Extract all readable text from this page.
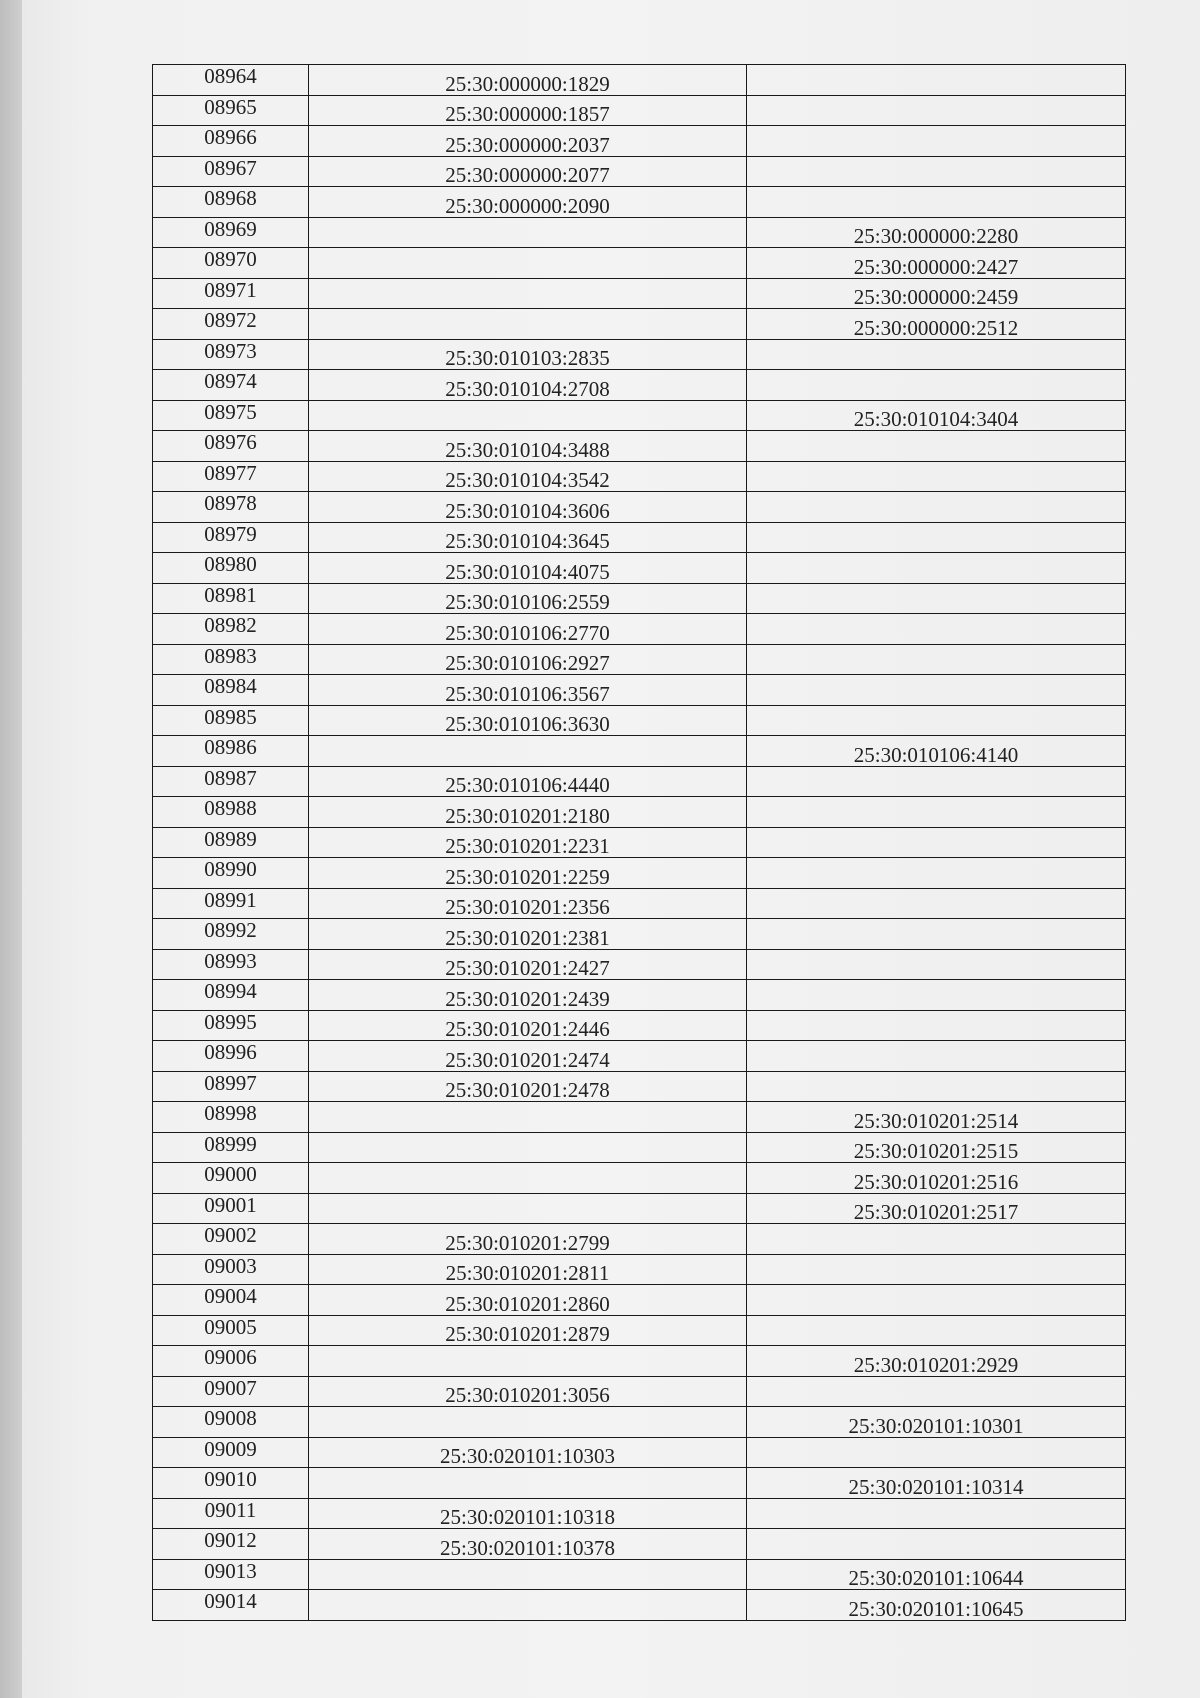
08964	25:30:000000:1829	
08965	25:30:000000:1857	
08966	25:30:000000:2037	
08967	25:30:000000:2077	
08968	25:30:000000:2090	
08969		25:30:000000:2280
08970		25:30:000000:2427
08971		25:30:000000:2459
08972		25:30:000000:2512
08973	25:30:010103:2835	
08974	25:30:010104:2708	
08975		25:30:010104:3404
08976	25:30:010104:3488	
08977	25:30:010104:3542	
08978	25:30:010104:3606	
08979	25:30:010104:3645	
08980	25:30:010104:4075	
08981	25:30:010106:2559	
08982	25:30:010106:2770	
08983	25:30:010106:2927	
08984	25:30:010106:3567	
08985	25:30:010106:3630	
08986		25:30:010106:4140
08987	25:30:010106:4440	
08988	25:30:010201:2180	
08989	25:30:010201:2231	
08990	25:30:010201:2259	
08991	25:30:010201:2356	
08992	25:30:010201:2381	
08993	25:30:010201:2427	
08994	25:30:010201:2439	
08995	25:30:010201:2446	
08996	25:30:010201:2474	
08997	25:30:010201:2478	
08998		25:30:010201:2514
08999		25:30:010201:2515
09000		25:30:010201:2516
09001		25:30:010201:2517
09002	25:30:010201:2799	
09003	25:30:010201:2811	
09004	25:30:010201:2860	
09005	25:30:010201:2879	
09006		25:30:010201:2929
09007	25:30:010201:3056	
09008		25:30:020101:10301
09009	25:30:020101:10303	
09010		25:30:020101:10314
09011	25:30:020101:10318	
09012	25:30:020101:10378	
09013		25:30:020101:10644
09014		25:30:020101:10645
